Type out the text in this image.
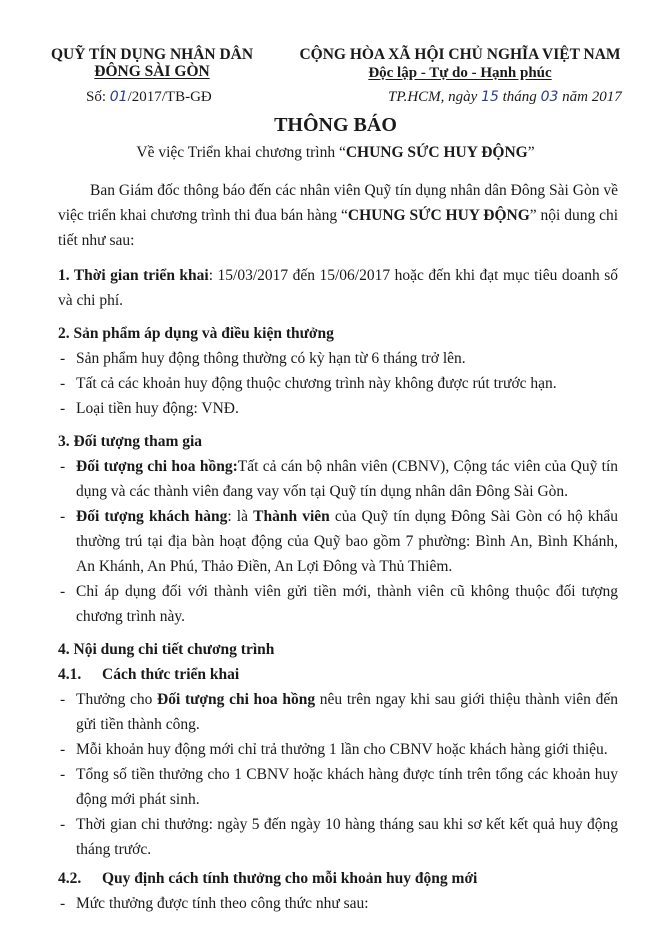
QUỸ TÍN DỤNG NHÂN DÂN
ĐÔNG SÀI GÒN
CỘNG HÒA XÃ HỘI CHỦ NGHĨA VIỆT NAM
Độc lập - Tự do - Hạnh phúc
Số: 01/2017/TB-GĐ	TP.HCM, ngày 15 tháng 03 năm 2017
THÔNG BÁO
Về việc Triển khai chương trình “CHUNG SỨC HUY ĐỘNG”

Ban Giám đốc thông báo đến các nhân viên Quỹ tín dụng nhân dân Đông Sài Gòn về việc triển khai chương trình thi đua bán hàng “CHUNG SỨC HUY ĐỘNG” nội dung chi tiết như sau:

1. Thời gian triển khai: 15/03/2017 đến 15/06/2017 hoặc đến khi đạt mục tiêu doanh số và chi phí.

2. Sản phẩm áp dụng và điều kiện thưởng

- Sản phẩm huy động thông thường có kỳ hạn từ 6 tháng trở lên.

- Tất cả các khoản huy động thuộc chương trình này không được rút trước hạn.

- Loại tiền huy động: VNĐ.

3. Đối tượng tham gia

- Đối tượng chi hoa hồng:Tất cả cán bộ nhân viên (CBNV), Cộng tác viên của Quỹ tín dụng và các thành viên đang vay vốn tại Quỹ tín dụng nhân dân Đông Sài Gòn.

- Đối tượng khách hàng: là Thành viên của Quỹ tín dụng Đông Sài Gòn có hộ khẩu thường trú tại địa bàn hoạt động của Quỹ bao gồm 7 phường: Bình An, Bình Khánh, An Khánh, An Phú, Thảo Điền, An Lợi Đông và Thủ Thiêm.

- Chỉ áp dụng đối với thành viên gửi tiền mới, thành viên cũ không thuộc đối tượng chương trình này.

4. Nội dung chi tiết chương trình

4.1. Cách thức triển khai

- Thưởng cho Đối tượng chi hoa hồng nêu trên ngay khi sau giới thiệu thành viên đến gửi tiền thành công.

- Mỗi khoản huy động mới chỉ trả thưởng 1 lần cho CBNV hoặc khách hàng giới thiệu.

- Tổng số tiền thưởng cho 1 CBNV hoặc khách hàng được tính trên tổng các khoản huy động mới phát sinh.

- Thời gian chi thưởng: ngày 5 đến ngày 10 hàng tháng sau khi sơ kết kết quả huy động tháng trước.

4.2. Quy định cách tính thưởng cho mỗi khoản huy động mới

- Mức thưởng được tính theo công thức như sau:
